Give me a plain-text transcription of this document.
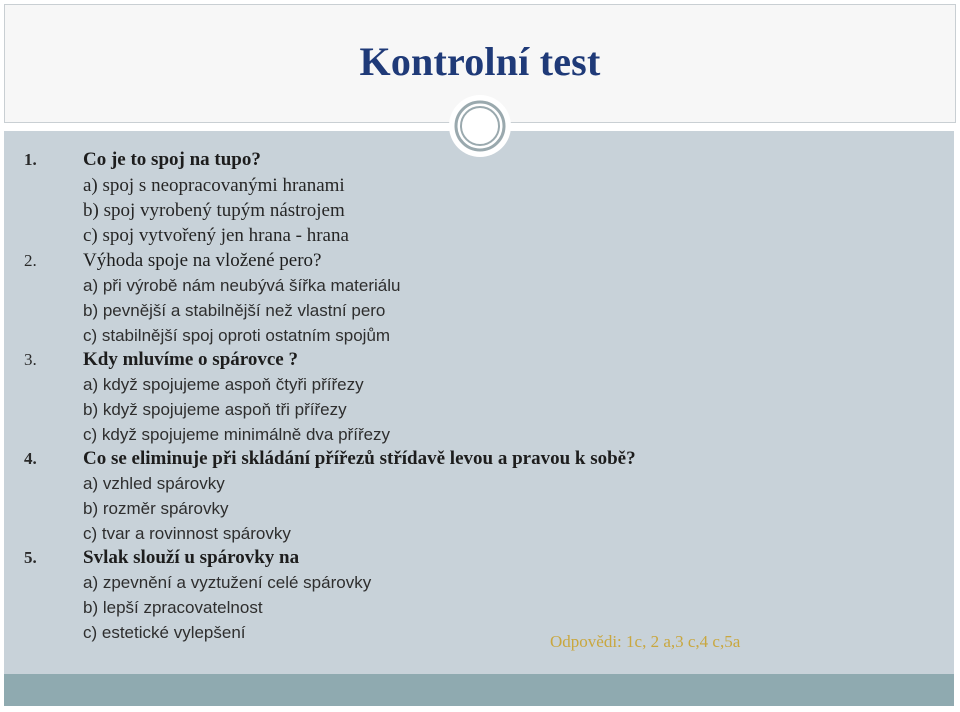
Kontrolní test
1.	Co je to spoj na tupo?
a) spoj s neopracovanými hranami
b) spoj vyrobený tupým nástrojem
c) spoj vytvořený jen hrana - hrana
2.	Výhoda spoje na vložené pero?
a) při výrobě nám neubývá šířka materiálu
b) pevnější a stabilnější než vlastní pero
c) stabilnější spoj oproti ostatním spojům
3.	Kdy mluvíme o spárovce ?
a) když spojujeme aspoň čtyři přířezy
b) když spojujeme aspoň tři přířezy
c) když spojujeme minimálně dva přířezy
4.	Co se eliminuje při skládání přířezů střídavě levou a pravou k sobě?
a) vzhled spárovky
b) rozměr spárovky
c) tvar a rovinnost spárovky
5.	Svlak slouží u spárovky na
a) zpevnění a vyztužení celé spárovky
b) lepší zpracovatelnost
c) estetické vylepšení	Odpovědi: 1c, 2 a,3 c,4 c,5a
